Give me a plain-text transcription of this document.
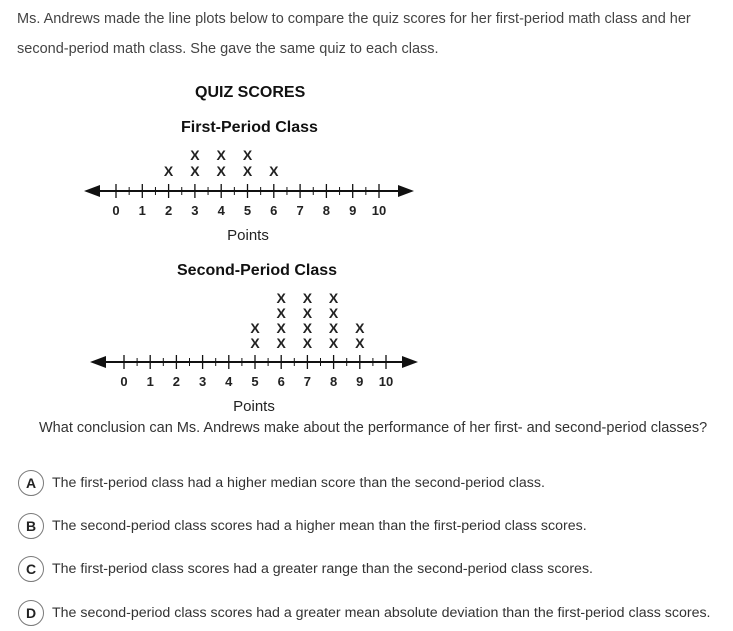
Ms. Andrews made the line plots below to compare the quiz scores for her first-period math class and her second-period math class. She gave the same quiz to each class.
QUIZ SCORES
First-Period Class
Second-Period Class
0 1 2 3 4 5 6 7 8 9 10
X X
X
X
X
X
X
X
Points
0 1 2 3 4 5 6 7 8 9 10
X
X
X
X
X
X
X
X
X
X
X
X
X
X
X
X
Points
What conclusion can Ms. Andrews make about the performance of her first- and second-period classes?
A	The first-period class had a higher median score than the second-period class.
B	The second-period class scores had a higher mean than the first-period class scores.
C	The first-period class scores had a greater range than the second-period class scores.
D	The second-period class scores had a greater mean absolute deviation than the first-period class scores.
